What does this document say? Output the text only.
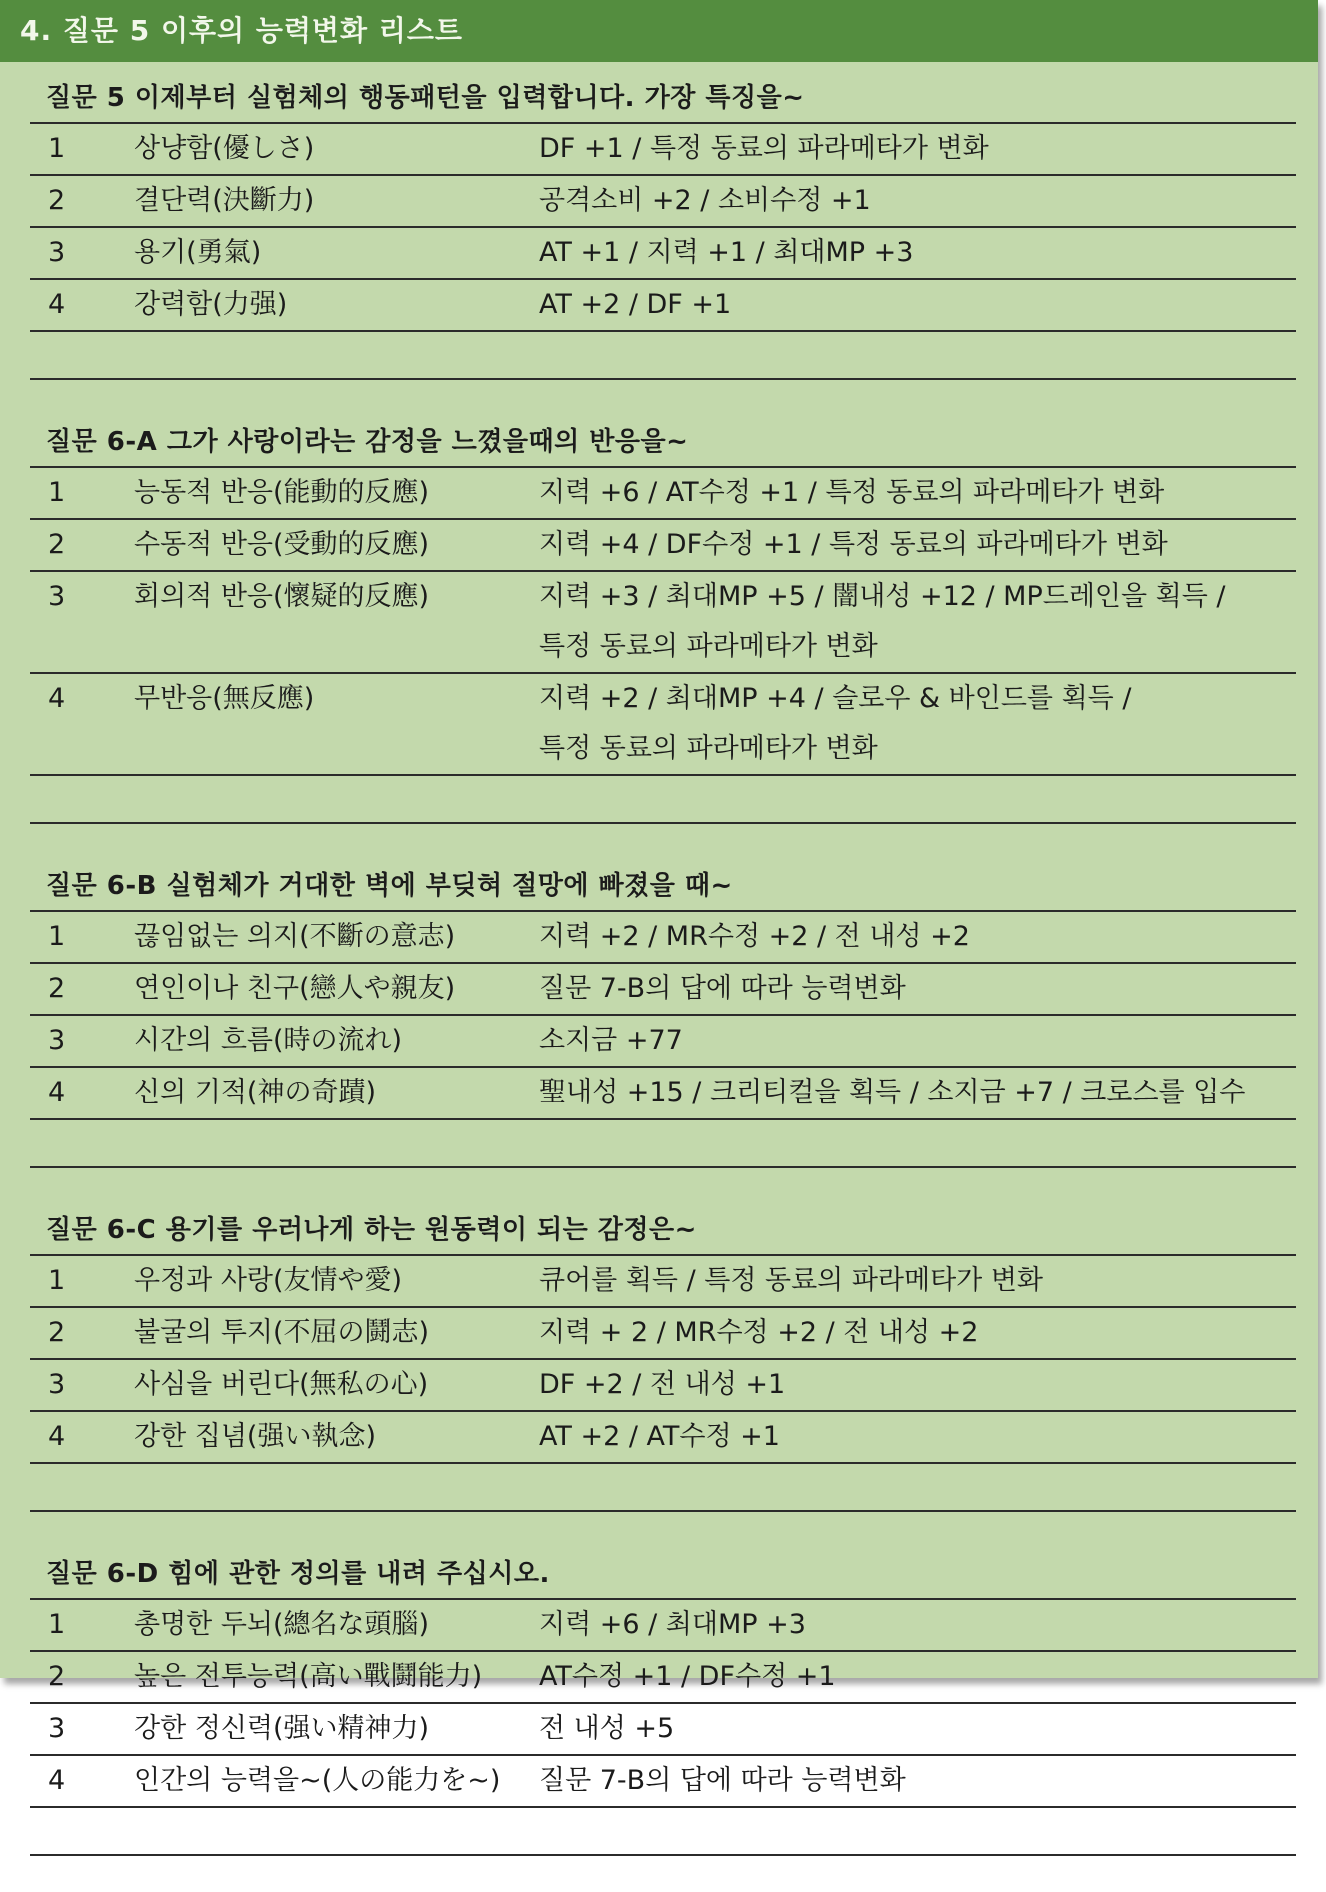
4. 질문 5 이후의 능력변화 리스트
질문 5 이제부터 실험체의 행동패턴을 입력합니다. 가장 특징을~
1	상냥함(優しさ)	DF +1 / 특정 동료의 파라메타가 변화
2	결단력(決斷力)	공격소비 +2 / 소비수정 +1
3	용기(勇氣)	AT +1 / 지력 +1 / 최대MP +3
4	강력함(力强)	AT +2 / DF +1
질문 6-A 그가 사랑이라는 감정을 느꼈을때의 반응을~
1	능동적 반응(能動的反應)	지력 +6 / AT수정 +1 / 특정 동료의 파라메타가 변화
2	수동적 반응(受動的反應)	지력 +4 / DF수정 +1 / 특정 동료의 파라메타가 변화
3	회의적 반응(懷疑的反應)	지력 +3 / 최대MP +5 / 闇내성 +12 / MP드레인을 획득 /
특정 동료의 파라메타가 변화
4	무반응(無反應)	지력 +2 / 최대MP +4 / 슬로우 & 바인드를 획득 /
특정 동료의 파라메타가 변화
질문 6-B 실험체가 거대한 벽에 부딪혀 절망에 빠졌을 때~
1	끊임없는 의지(不斷の意志)	지력 +2 / MR수정 +2 / 전 내성 +2
2	연인이나 친구(戀人や親友)	질문 7-B의 답에 따라 능력변화
3	시간의 흐름(時の流れ)	소지금 +77
4	신의 기적(神の奇蹟)	聖내성 +15 / 크리티컬을 획득 / 소지금 +7 / 크로스를 입수
질문 6-C 용기를 우러나게 하는 원동력이 되는 감정은~
1	우정과 사랑(友情や愛)	큐어를 획득 / 특정 동료의 파라메타가 변화
2	불굴의 투지(不屈の鬪志)	지력 + 2 / MR수정 +2 / 전 내성 +2
3	사심을 버린다(無私の心)	DF +2 / 전 내성 +1
4	강한 집념(强い執念)	AT +2 / AT수정 +1
질문 6-D 힘에 관한 정의를 내려 주십시오.
1	총명한 두뇌(總名な頭腦)	지력 +6 / 최대MP +3
2	높은 전투능력(高い戰鬪能力)	AT수정 +1 / DF수정 +1
3	강한 정신력(强い精神力)	전 내성 +5
4	인간의 능력을~(人の能力を~)	질문 7-B의 답에 따라 능력변화
